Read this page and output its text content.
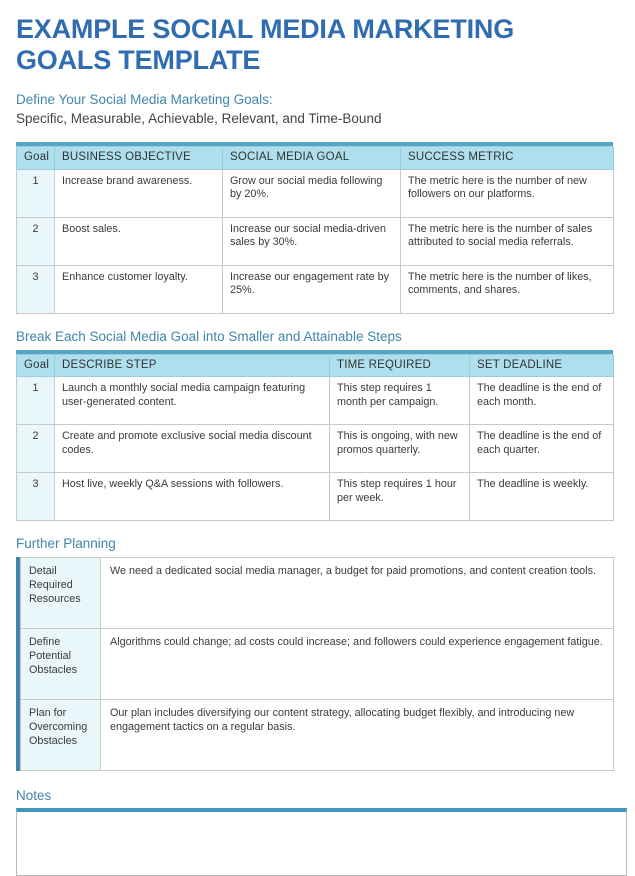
EXAMPLE SOCIAL MEDIA MARKETING GOALS TEMPLATE
Define Your Social Media Marketing Goals:
Specific, Measurable, Achievable, Relevant, and Time-Bound
Goal	BUSINESS OBJECTIVE	SOCIAL MEDIA GOAL	SUCCESS METRIC
1	Increase brand awareness.	Grow our social media following by 20%.	The metric here is the number of new followers on our platforms.
2	Boost sales.	Increase our social media-driven sales by 30%.	The metric here is the number of sales attributed to social media referrals.
3	Enhance customer loyalty.	Increase our engagement rate by 25%.	The metric here is the number of likes, comments, and shares.
Break Each Social Media Goal into Smaller and Attainable Steps
Goal	DESCRIBE STEP	TIME REQUIRED	SET DEADLINE
1	Launch a monthly social media campaign featuring user-generated content.	This step requires 1 month per campaign.	The deadline is the end of each month.
2	Create and promote exclusive social media discount codes.	This is ongoing, with new promos quarterly.	The deadline is the end of each quarter.
3	Host live, weekly Q&A sessions with followers.	This step requires 1 hour per week.	The deadline is weekly.
Further Planning
Detail Required Resources	We need a dedicated social media manager, a budget for paid promotions, and content creation tools.
Define Potential Obstacles	Algorithms could change; ad costs could increase; and followers could experience engagement fatigue.
Plan for Overcoming Obstacles	Our plan includes diversifying our content strategy, allocating budget flexibly, and introducing new engagement tactics on a regular basis.
Notes
